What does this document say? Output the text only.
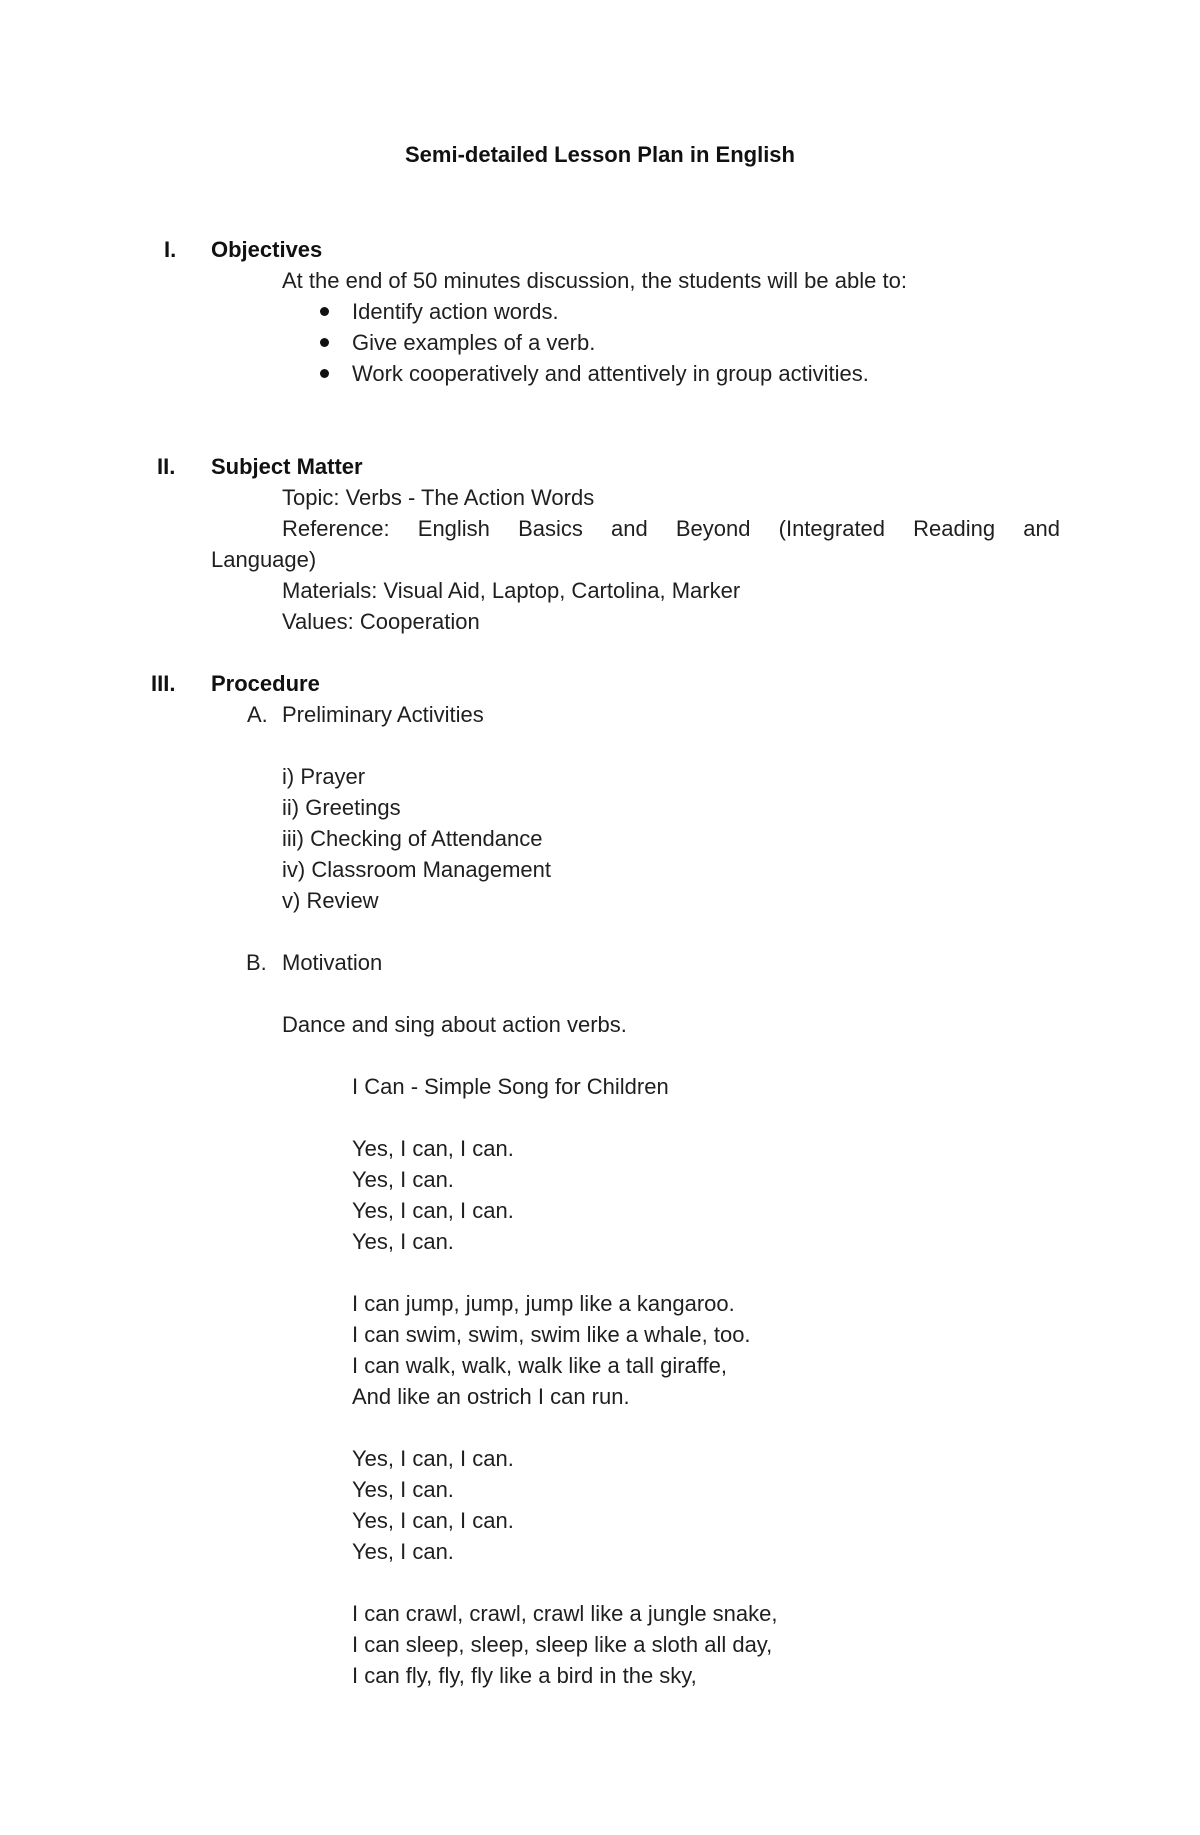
Semi-detailed Lesson Plan in English
I. Objectives
At the end of 50 minutes discussion, the students will be able to:
Identify action words.
Give examples of a verb.
Work cooperatively and attentively in group activities.
II. Subject Matter
Topic: Verbs - The Action Words
Reference: English Basics and Beyond (Integrated Reading and
Language)
Materials: Visual Aid, Laptop, Cartolina, Marker
Values: Cooperation
III. Procedure
A. Preliminary Activities
i) Prayer
ii) Greetings
iii) Checking of Attendance
iv) Classroom Management
v) Review
B. Motivation
Dance and sing about action verbs.
I Can - Simple Song for Children
Yes, I can, I can.
Yes, I can.
Yes, I can, I can.
Yes, I can.
I can jump, jump, jump like a kangaroo.
I can swim, swim, swim like a whale, too.
I can walk, walk, walk like a tall giraffe,
And like an ostrich I can run.
Yes, I can, I can.
Yes, I can.
Yes, I can, I can.
Yes, I can.
I can crawl, crawl, crawl like a jungle snake,
I can sleep, sleep, sleep like a sloth all day,
I can fly, fly, fly like a bird in the sky,
